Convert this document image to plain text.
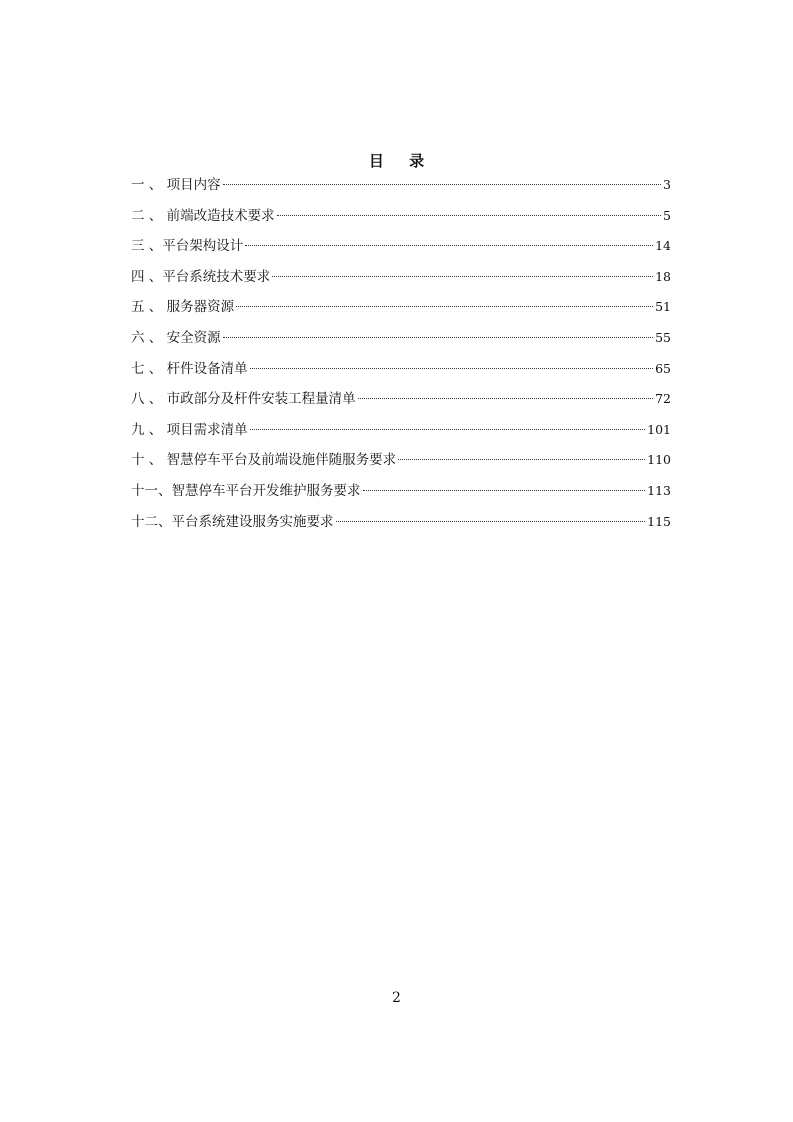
目 录
一 、 项目内容	3
二 、 前端改造技术要求	5
三 、平台架构设计	14
四 、平台系统技术要求	18
五 、 服务器资源	51
六 、 安全资源	55
七 、 杆件设备清单	65
八 、 市政部分及杆件安装工程量清单	72
九 、 项目需求清单	101
十 、 智慧停车平台及前端设施伴随服务要求	110
十一、智慧停车平台开发维护服务要求	113
十二、平台系统建设服务实施要求	115
2
